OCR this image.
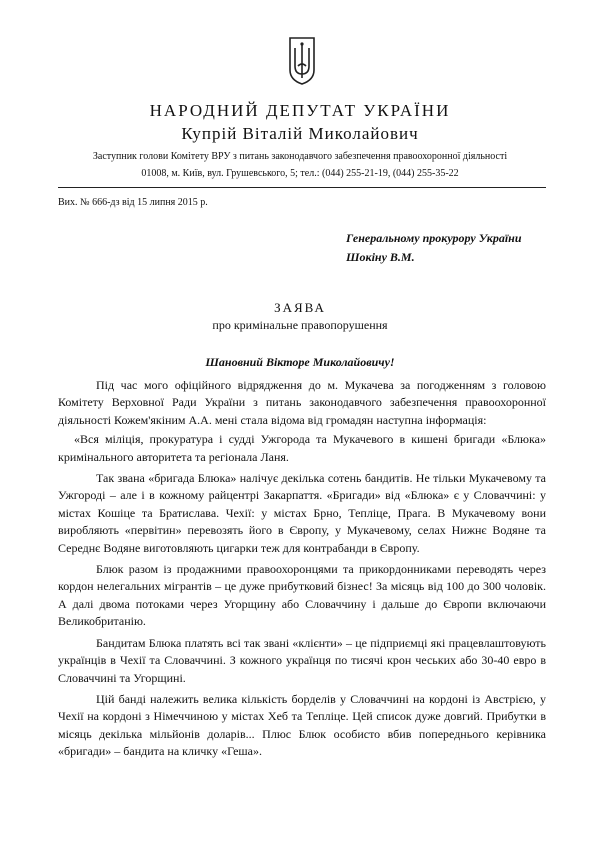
НАРОДНИЙ ДЕПУТАТ УКРАЇНИ
Купрій Віталій Миколайович
Заступник голови Комітету ВРУ з питань законодавчого забезпечення правоохоронної діяльності
01008, м. Київ, вул. Грушевського, 5; тел.: (044) 255-21-19, (044) 255-35-22
Вих. № 666-дз від 15 липня 2015 р.
Генеральному прокурору України
Шокіну В.М.
ЗАЯВА
про кримінальне правопорушення
Шановний Вікторе Миколайовичу!

Під час мого офіційного відрядження до м. Мукачева за погодженням з головою Комітету Верховної Ради України з питань законодавчого забезпечення правоохоронної діяльності Кожем'якіним А.А. мені стала відома від громадян наступна інформація:

«Вся міліція, прокуратура і судді Ужгорода та Мукачевого в кишені бригади «Блюка» кримінального авторитета та регіонала Ланя.

Так звана «бригада Блюка» налічує декілька сотень бандитів. Не тільки Мукачевому та Ужгороді – але і в кожному райцентрі Закарпаття. «Бригади» від «Блюка» є у Словаччині: у містах Кошіце та Братислава. Чехії: у містах Брно, Тепліце, Прага. В Мукачевому вони виробляють «первітин» перевозять його в Європу, у Мукачевому, селах Нижнє Водяне та Середнє Водяне виготовляють цигарки теж для контрабанди в Європу.

Блюк разом із продажними правоохоронцями та прикордонниками переводять через кордон нелегальних мігрантів – це дуже прибутковий бізнес! За місяць від 100 до 300 чоловік. А далі двома потоками через Угорщину або Словаччину і дальше до Європи включаючи Великобританію.

Бандитам Блюка платять всі так звані «клієнти» – це підприємці які працевлаштовують українців в Чехії та Словаччині. З кожного українця по тисячі крон чеських або 30-40 евро в Словаччині та Угорщині.

Цій банді належить велика кількість борделів у Словаччині на кордоні із Австрією, у Чехії на кордоні з Німеччиною у містах Хеб та Тепліце. Цей список дуже довгий. Прибутки в місяць декілька мільйонів доларів... Плюс Блюк особисто вбив попереднього керівника «бригади» – бандита на кличку «Геша».
